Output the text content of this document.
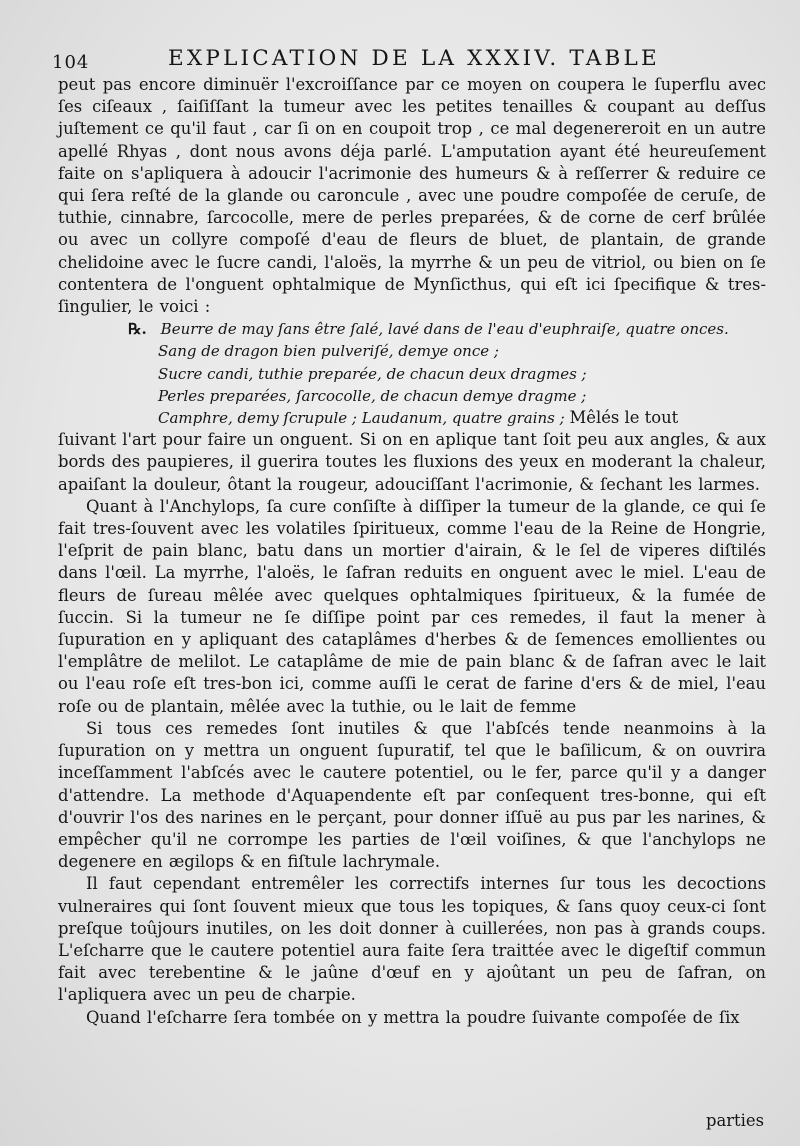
104	EXPLICATION DE LA XXXIV. TABLE

peut pas encore diminuër l'excroiſſance par ce moyen on coupera le ſuperflu avec ſes ciſeaux , ſaiſiſſant la tumeur avec les petites tenailles & coupant au deſſus juſtement ce qu'il faut , car ſi on en coupoit trop , ce mal degenereroit en un autre apellé Rhyas , dont nous avons déja parlé. L'amputation ayant été heureuſement faite on s'apliquera à adoucir l'acrimonie des humeurs & à reſſerrer & reduire ce qui ſera reſté de la glande ou caroncule , avec une poudre compoſée de ceruſe, de tuthie, cinnabre, ſarcocolle, mere de perles preparées, & de corne de cerf brûlée ou avec un collyre compoſé d'eau de fleurs de bluet, de plantain, de grande chelidoine avec le ſucre candi, l'aloës, la myrrhe & un peu de vitriol, ou bien on ſe contentera de l'onguent ophtalmique de Mynſicthus, qui eſt ici ſpecifique & tres-ſingulier, le voici :

℞. Beurre de may ſans être ſalé, lavé dans de l'eau d'euphraiſe, quatre onces.
Sang de dragon bien pulveriſé, demye once ;
Sucre candi, tuthie preparée, de chacun deux dragmes ;
Perles preparées, ſarcocolle, de chacun demye dragme ;
Camphre, demy ſcrupule ; Laudanum, quatre grains ; Mêlés le tout

ſuivant l'art pour faire un onguent. Si on en aplique tant ſoit peu aux angles, & aux bords des paupieres, il guerira toutes les fluxions des yeux en moderant la chaleur, apaiſant la douleur, ôtant la rougeur, adouciſſant l'acrimonie, & ſechant les larmes.

Quant à l'Anchylops, ſa cure conſiſte à diſſiper la tumeur de la glande, ce qui ſe fait tres-ſouvent avec les volatiles ſpiritueux, comme l'eau de la Reine de Hongrie, l'eſprit de pain blanc, batu dans un mortier d'airain, & le ſel de viperes diſtilés dans l'œil. La myrrhe, l'aloës, le ſafran reduits en onguent avec le miel. L'eau de fleurs de ſureau mêlée avec quelques ophtalmiques ſpiritueux, & la fumée de ſuccin. Si la tumeur ne ſe diſſipe point par ces remedes, il faut la mener à ſupuration en y apliquant des cataplâmes d'herbes & de ſemences emollientes ou l'emplâtre de melilot. Le cataplâme de mie de pain blanc & de ſafran avec le lait ou l'eau roſe eſt tres-bon ici, comme auſſi le cerat de farine d'ers & de miel, l'eau roſe ou de plantain, mêlée avec la tuthie, ou le lait de femme

Si tous ces remedes ſont inutiles & que l'abſcés tende neanmoins à la ſupuration on y mettra un onguent ſupuratif, tel que le baſilicum, & on ouvrira inceſſamment l'abſcés avec le cautere potentiel, ou le fer, parce qu'il y a danger d'attendre. La methode d'Aquapendente eſt par conſequent tres-bonne, qui eſt d'ouvrir l'os des narines en le perçant, pour donner iſſuë au pus par les narines, & empêcher qu'il ne corrompe les parties de l'œil voiſines, & que l'anchylops ne degenere en ægilops & en fiſtule lachrymale.

Il faut cependant entremêler les correctifs internes ſur tous les decoctions vulneraires qui ſont ſouvent mieux que tous les topiques, & ſans quoy ceux-ci ſont preſque toûjours inutiles, on les doit donner à cuillerées, non pas à grands coups. L'eſcharre que le cautere potentiel aura faite ſera traittée avec le digeſtif commun fait avec terebentine & le jaûne d'œuf en y ajoûtant un peu de ſafran, on l'apliquera avec un peu de charpie.

Quand l'eſcharre ſera tombée on y mettra la poudre ſuivante compoſée de ſix

parties
